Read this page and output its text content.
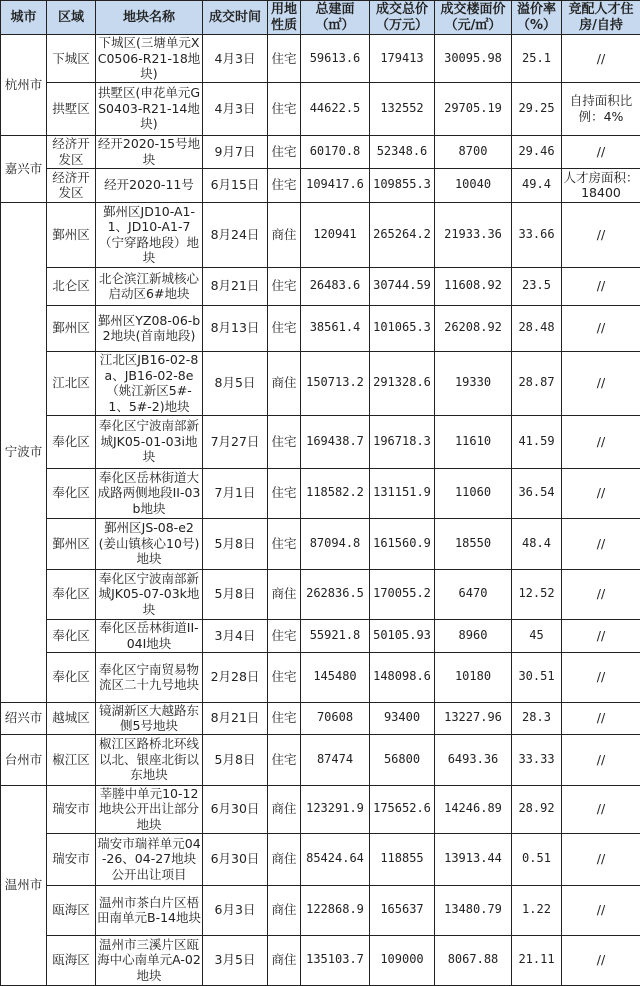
城市	区域	地块名称	成交时间	用地性质	总建面（㎡）	成交总价（万元）	成交楼面价（元/㎡）	溢价率（%）	竞配人才住房/自持
杭州市	下城区	下城区(三塘单元XC0506-R21-18地块)	4月3日	住宅	59613.6	179413	30095.98	25.1	//
	拱墅区	拱墅区(申花单元GS0403-R21-14地块)	4月3日	住宅	44622.5	132552	29705.19	29.25	自持面积比例：4%
嘉兴市	经济开发区	经开2020-15号地块	9月7日	住宅	60170.8	52348.6	8700	29.46	//
	经济开发区	经开2020-11号	6月15日	住宅	109417.6	109855.3	10040	49.4	人才房面积：18400
宁波市	鄞州区	鄞州区JD10-A1-1、JD10-A1-7（宁穿路地段）地块	8月24日	商住	120941	265264.2	21933.36	33.66	//
	北仑区	北仑滨江新城核心启动区6#地块	8月21日	住宅	26483.6	30744.59	11608.92	23.5	//
	鄞州区	鄞州区YZ08-06-b2地块(首南地段)	8月13日	住宅	38561.4	101065.3	26208.92	28.48	//
	江北区	江北区JB16-02-8a、JB16-02-8e（姚江新区5#-1、5#-2)地块	8月5日	商住	150713.2	291328.6	19330	28.87	//
	奉化区	奉化区宁波南部新城JK05-01-03i地块	7月27日	住宅	169438.7	196718.3	11610	41.59	//
	奉化区	奉化区岳林街道大成路两侧地段II-03b地块	7月1日	住宅	118582.2	131151.9	11060	36.54	//
	鄞州区	鄞州区JS-08-e2(姜山镇核心10号)地块	5月8日	住宅	87094.8	161560.9	18550	48.4	//
	奉化区	奉化区宁波南部新城JK05-07-03k地块	5月8日	商住	262836.5	170055.2	6470	12.52	//
	奉化区	奉化区岳林街道II-04I地块	3月4日	住宅	55921.8	50105.93	8960	45	//
	奉化区	奉化区宁南贸易物流区二十九号地块	2月28日	住宅	145480	148098.6	10180	30.51	//
绍兴市	越城区	镜湖新区大越路东侧5号地块	8月21日	住宅	70608	93400	13227.96	28.3	//
台州市	椒江区	椒江区路桥北环线以北、银座北街以东地块	5月8日	住宅	87474	56800	6493.36	33.33	//
温州市	瑞安市	莘塍中单元10-12地块公开出让部分地块	6月30日	商住	123291.9	175652.6	14246.89	28.92	//
	瑞安市	瑞安市瑞祥单元04-26、04-27地块公开出让项目	6月30日	商住	85424.64	118855	13913.44	0.51	//
	瓯海区	温州市茶白片区梧田南单元B-14地块	6月3日	商住	122868.9	165637	13480.79	1.22	//
	瓯海区	温州市三溪片区瓯海中心南单元A-02地块	3月5日	商住	135103.7	109000	8067.88	21.11	//
